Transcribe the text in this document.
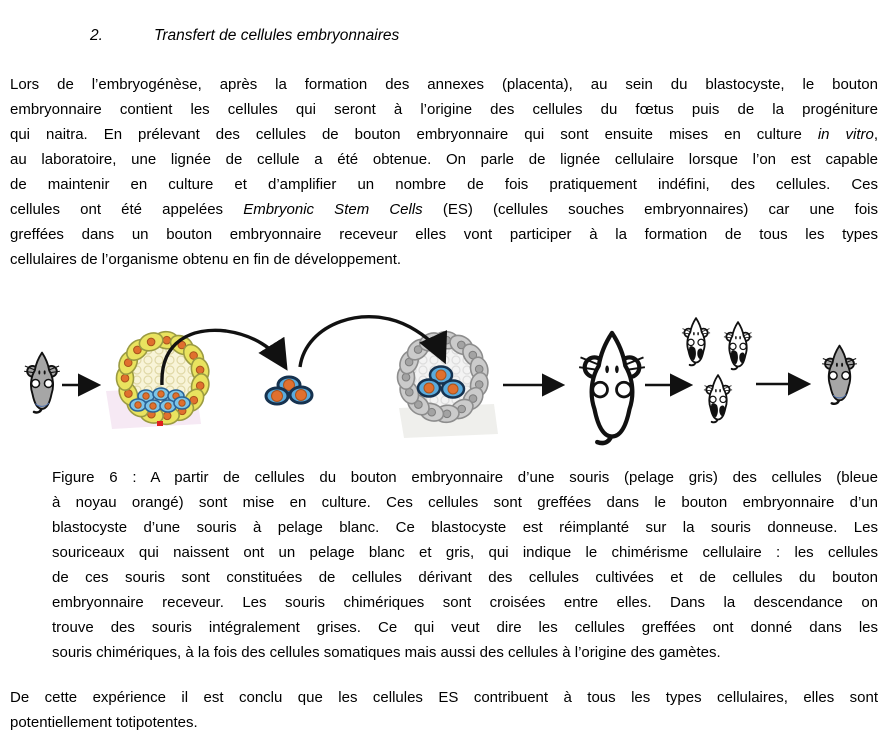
2.	Transfert de cellules embryonnaires
Lors de l’embryogénèse, après la formation des annexes (placenta), au sein du blastocyste, le bouton
embryonnaire contient les cellules qui seront à l’origine des cellules du fœtus puis de la progéniture
qui naitra. En prélevant des cellules de bouton embryonnaire qui sont ensuite mises en culture in vitro,
au laboratoire, une lignée de cellule a été obtenue. On parle de lignée cellulaire lorsque l’on est capable
de maintenir en culture et d’amplifier un nombre de fois pratiquement indéfini, des cellules. Ces
cellules ont été appelées Embryonic Stem Cells (ES) (cellules souches embryonnaires) car une fois
greffées dans un bouton embryonnaire receveur elles vont participer à la formation de tous les types
cellulaires de l’organisme obtenu en fin de développement.
Figure 6 : A partir de cellules du bouton embryonnaire d’une souris (pelage gris) des cellules (bleue
à noyau orangé) sont mise en culture. Ces cellules sont greffées dans le bouton embryonnaire d’un
blastocyste d’une souris à pelage blanc. Ce blastocyste est réimplanté sur la souris donneuse. Les
souriceaux qui naissent ont un pelage blanc et gris, qui indique le chimérisme cellulaire : les cellules
de ces souris sont constituées de cellules dérivant des cellules cultivées et de cellules du bouton
embryonnaire receveur. Les souris chimériques sont croisées entre elles. Dans la descendance on
trouve des souris intégralement grises. Ce qui veut dire les cellules greffées ont donné dans les
souris chimériques, à la fois des cellules somatiques mais aussi des cellules à l’origine des gamètes.
De cette expérience il est conclu que les cellules ES contribuent à tous les types cellulaires, elles sont
potentiellement totipotentes.
